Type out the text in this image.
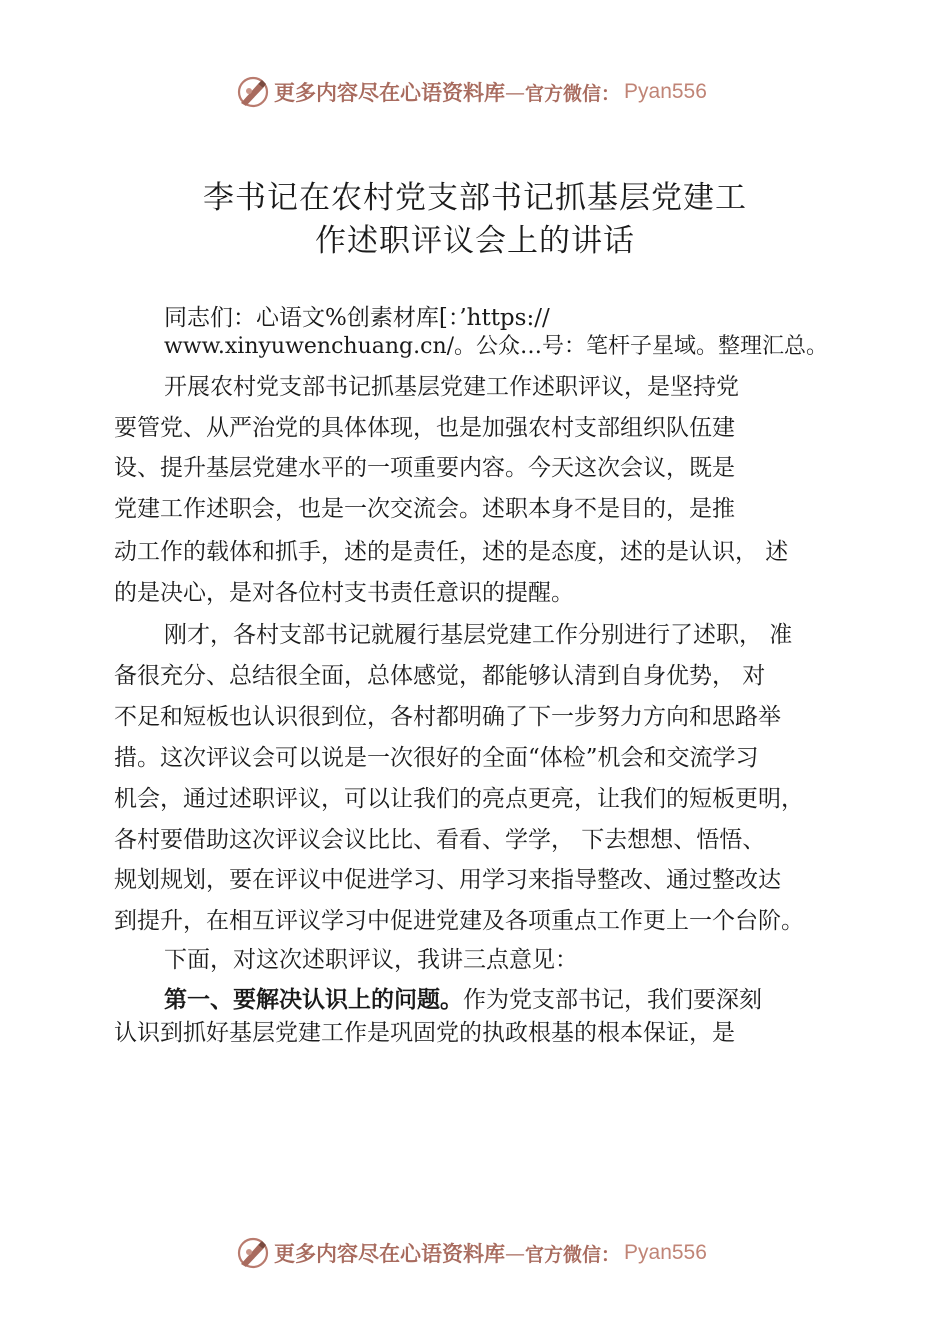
更多内容尽在心语资料库 — 官方微信： Pyan556
李书记在农村党支部书记抓基层党建工
作述职评议会上的讲话
同志们：心语文%创素材库[：’https://
www.xinyuwenchuang.cn/。公众…号：笔杆子星域。整理汇总。
开展农村党支部书记抓基层党建工作述职评议，是坚持党
要管党、从严治党的具体体现，也是加强农村支部组织队伍建
设、提升基层党建水平的一项重要内容。今天这次会议，既是
党建工作述职会，也是一次交流会。述职本身不是目的，是推
动工作的载体和抓手，述的是责任，述的是态度，述的是认识， 述
的是决心，是对各位村支书责任意识的提醒。
刚才，各村支部书记就履行基层党建工作分别进行了述职， 准
备很充分、总结很全面，总体感觉，都能够认清到自身优势， 对
不足和短板也认识很到位，各村都明确了下一步努力方向和思路举
措。这次评议会可以说是一次很好的全面“体检”机会和交流学习
机会，通过述职评议，可以让我们的亮点更亮，让我们的短板更明，
各村要借助这次评议会议比比、看看、学学， 下去想想、悟悟、
规划规划，要在评议中促进学习、用学习来指导整改、通过整改达
到提升，在相互评议学习中促进党建及各项重点工作更上一个台阶。
下面，对这次述职评议，我讲三点意见：
第一、要解决认识上的问题。作为党支部书记，我们要深刻
认识到抓好基层党建工作是巩固党的执政根基的根本保证，是
更多内容尽在心语资料库 — 官方微信： Pyan556
